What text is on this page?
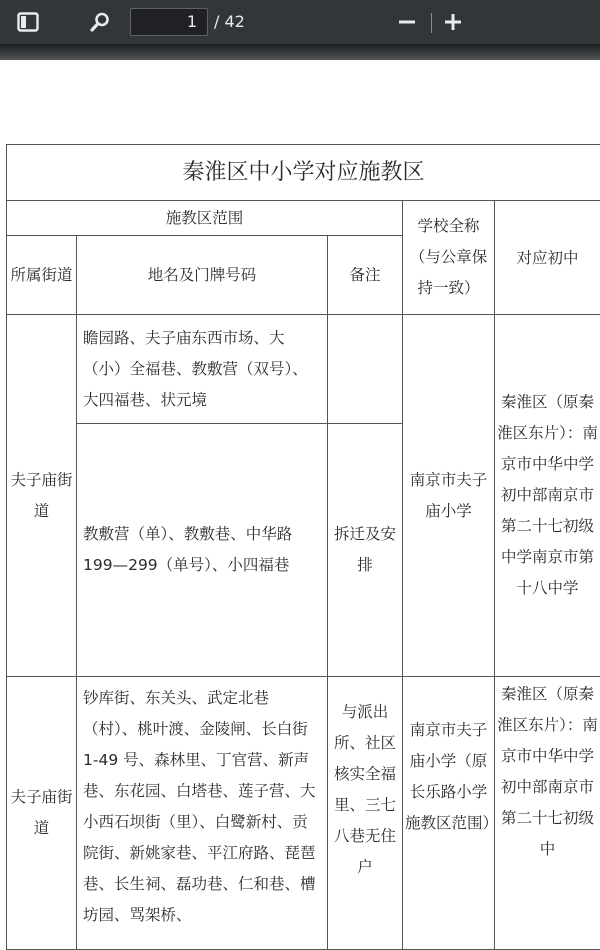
1	/ 42
秦淮区中小学对应施教区				
施教区范围			学校全称（与公章保持一致）	对应初中
所属街道	地名及门牌号码	备注		
夫子庙街道	瞻园路、夫子庙东西市场、大（小）全福巷、教敷营（双号）、大四福巷、状元境		南京市夫子庙小学	秦淮区（原秦淮区东片）：南京市中华中学初中部南京市第二十七初级中学南京市第十八中学
	教敷营（单）、教敷巷、中华路199—299（单号）、小四福巷	拆迁及安排		
夫子庙街道	钞库街、东关头、武定北巷（村）、桃叶渡、金陵闸、长白街 1-49 号、森林里、丁官营、新声巷、东花园、白塔巷、莲子营、大小西石坝街（里）、白鹭新村、贡院街、新姚家巷、平江府路、琵琶巷、长生祠、磊功巷、仁和巷、槽坊园、骂架桥、	与派出所、社区核实全福里、三七八巷无住户	南京市夫子庙小学（原长乐路小学施教区范围）	秦淮区（原秦淮区东片）：南京市中华中学初中部南京市第二十七初级中
